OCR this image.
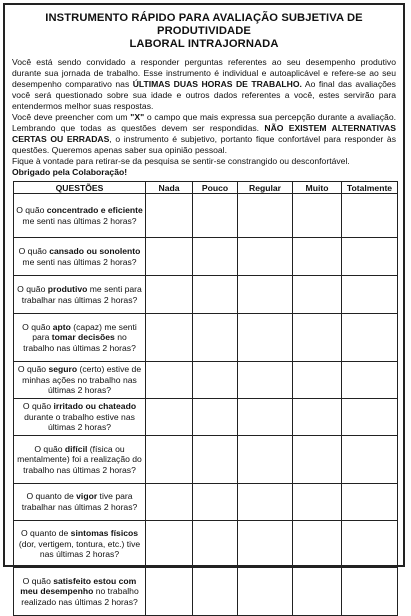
INSTRUMENTO RÁPIDO PARA AVALIAÇÃO SUBJETIVA DE PRODUTIVIDADE
LABORAL INTRAJORNADA

Você está sendo convidado a responder perguntas referentes ao seu desempenho produtivo durante sua jornada de trabalho. Esse instrumento é individual e autoaplicável e refere-se ao seu desempenho comparativo nas ÚLTIMAS DUAS HORAS DE TRABALHO. Ao final das avaliações você será questionado sobre sua idade e outros dados referentes a você, estes servirão para entendermos melhor suas respostas.

Você deve preencher com um "X" o campo que mais expressa sua percepção durante a avaliação. Lembrando que todas as questões devem ser respondidas. NÃO EXISTEM ALTERNATIVAS CERTAS OU ERRADAS, o instrumento é subjetivo, portanto fique confortável para responder às questões. Queremos apenas saber sua opinião pessoal.

Fique à vontade para retirar-se da pesquisa se sentir-se constrangido ou desconfortável.

Obrigado pela Colaboração!

QUESTÕES	Nada	Pouco	Regular	Muito	Totalmente
O quão concentrado e eficiente me senti nas últimas 2 horas?					
O quão cansado ou sonolento me senti nas últimas 2 horas?					
O quão produtivo me senti para trabalhar nas últimas 2 horas?					
O quão apto (capaz) me senti para tomar decisões no trabalho nas últimas 2 horas?					
O quão seguro (certo) estive de minhas ações no trabalho nas últimas 2 horas?					
O quão irritado ou chateado durante o trabalho estive nas últimas 2 horas?					
O quão difícil (física ou mentalmente) foi a realização do trabalho nas últimas 2 horas?					
O quanto de vigor tive para trabalhar nas últimas 2 horas?					
O quanto de sintomas físicos (dor, vertigem, tontura, etc.) tive nas últimas 2 horas?					
O quão satisfeito estou com meu desempenho no trabalho realizado nas últimas 2 horas?					
